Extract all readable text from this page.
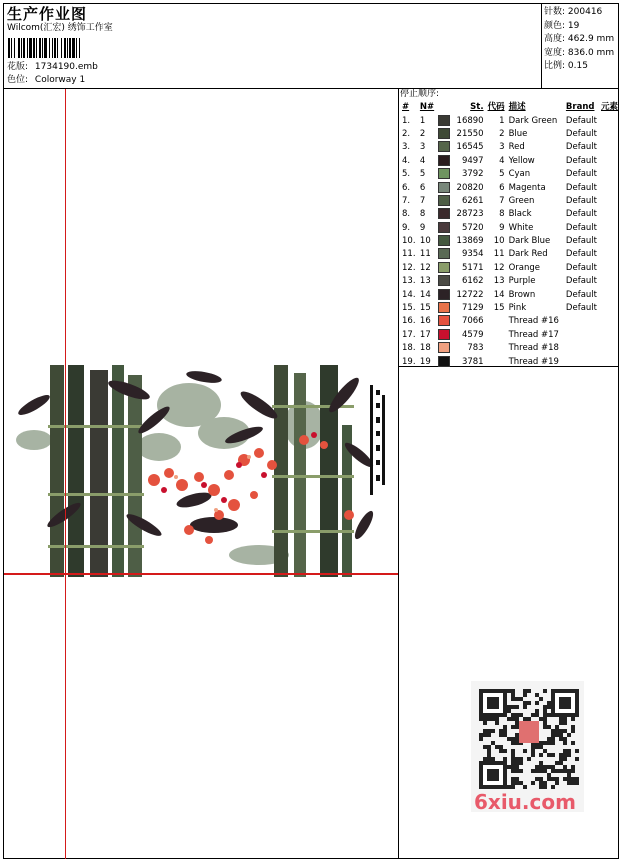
生产作业图
Wilcom(汇宏) 绣饰工作室
花版: 1734190.emb
色位: Colorway 1
针数: 200416
颜色: 19
高度: 462.9 mm
宽度: 836.0 mm
比例: 0.15
停止顺序:
#	N#		St.	代码	描述	Brand	元素
1.	1		16890	1	Dark Green	Default	
2.	2		21550	2	Blue	Default	
3.	3		16545	3	Red	Default	
4.	4		9497	4	Yellow	Default	
5.	5		3792	5	Cyan	Default	
6.	6		20820	6	Magenta	Default	
7.	7		6261	7	Green	Default	
8.	8		28723	8	Black	Default	
9.	9		5720	9	White	Default	
10.	10		13869	10	Dark Blue	Default	
11.	11		9354	11	Dark Red	Default	
12.	12		5171	12	Orange	Default	
13.	13		6162	13	Purple	Default	
14.	14		12722	14	Brown	Default	
15.	15		7129	15	Pink	Default	
16.	16		7066		Thread #16		
17.	17		4579		Thread #17		
18.	18		783		Thread #18		
19.	19		3781		Thread #19		
6xiu.com
